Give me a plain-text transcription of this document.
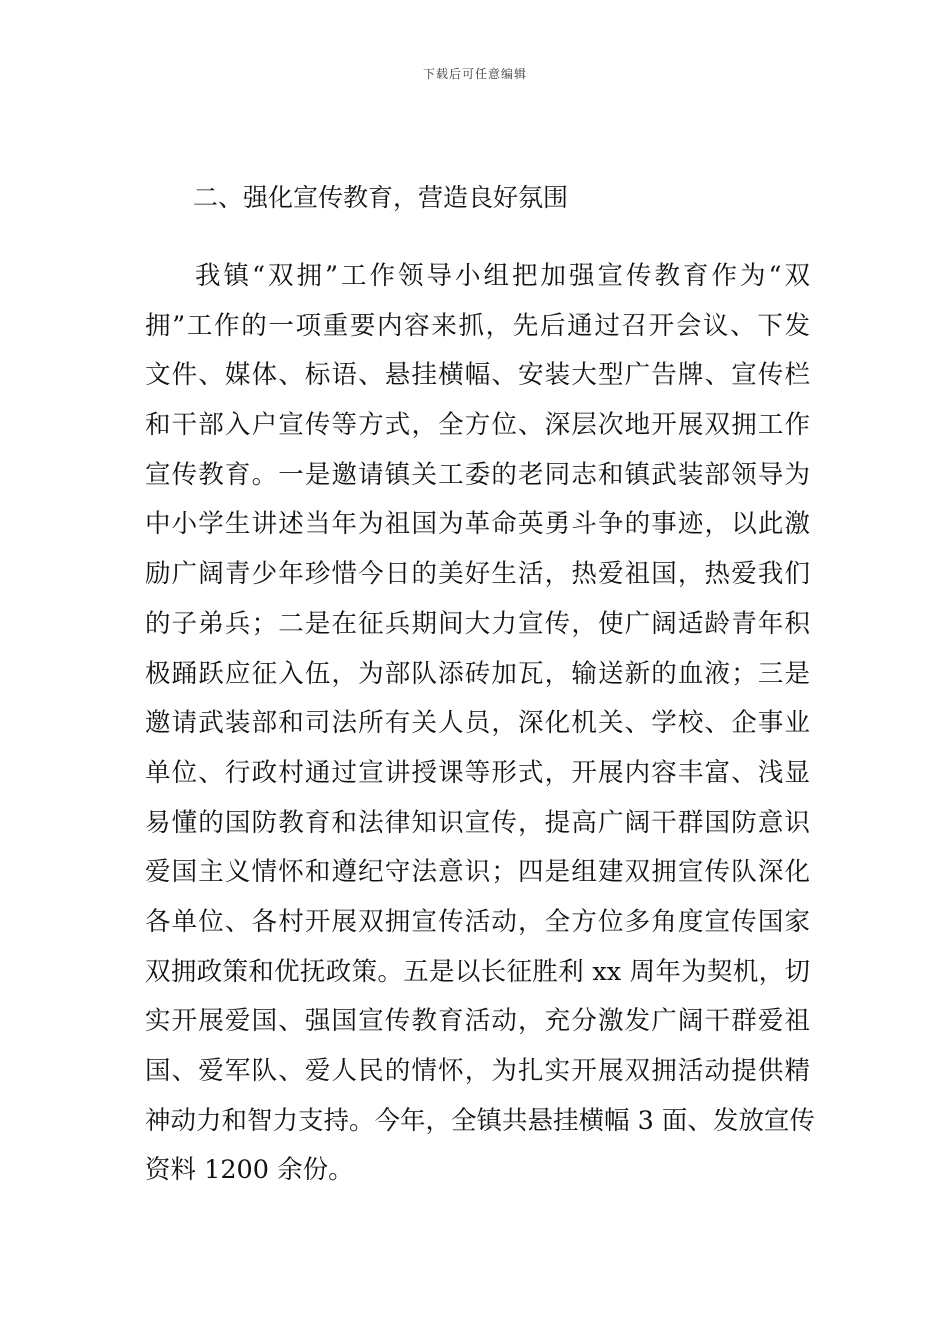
下载后可任意编辑
二、强化宣传教育，营造良好氛围
我镇“双拥”工作领导小组把加强宣传教育作为“双
拥”工作的一项重要内容来抓，先后通过召开会议、下发
文件、媒体、标语、悬挂横幅、安装大型广告牌、宣传栏
和干部入户宣传等方式，全方位、深层次地开展双拥工作
宣传教育。一是邀请镇关工委的老同志和镇武装部领导为
中小学生讲述当年为祖国为革命英勇斗争的事迹，以此激
励广阔青少年珍惜今日的美好生活，热爱祖国，热爱我们
的子弟兵；二是在征兵期间大力宣传，使广阔适龄青年积
极踊跃应征入伍，为部队添砖加瓦，输送新的血液；三是
邀请武装部和司法所有关人员，深化机关、学校、企事业
单位、行政村通过宣讲授课等形式，开展内容丰富、浅显
易懂的国防教育和法律知识宣传，提高广阔干群国防意识
爱国主义情怀和遵纪守法意识；四是组建双拥宣传队深化
各单位、各村开展双拥宣传活动，全方位多角度宣传国家
双拥政策和优抚政策。五是以长征胜利 xx 周年为契机，切
实开展爱国、强国宣传教育活动，充分激发广阔干群爱祖
国、爱军队、爱人民的情怀，为扎实开展双拥活动提供精
神动力和智力支持。今年，全镇共悬挂横幅 3 面、发放宣传
资料 1200 余份。
